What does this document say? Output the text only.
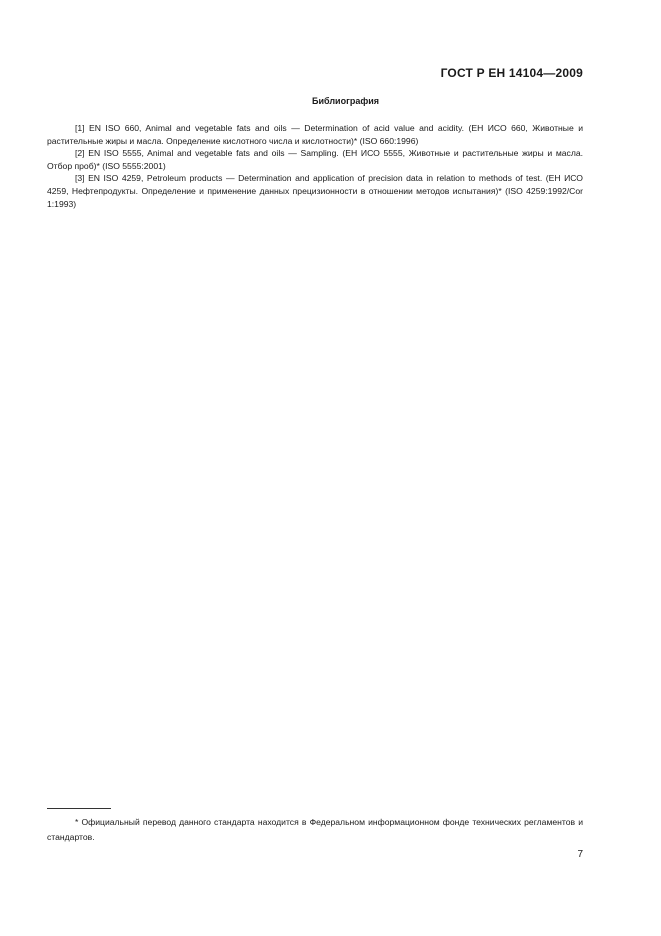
ГОСТ Р ЕН 14104—2009
Библиография

[1] EN ISO 660, Animal and vegetable fats and oils — Determination of acid value and acidity. (ЕН ИСО 660, Животные и растительные жиры и масла. Определение кислотного числа и кислотности)* (ISO 660:1996)

[2] EN ISO 5555, Animal and vegetable fats and oils — Sampling. (ЕН ИСО 5555, Животные и растительные жиры и масла. Отбор проб)* (ISO 5555:2001)

[3] EN ISO 4259, Petroleum products — Determination and application of precision data in relation to methods of test. (ЕН ИСО 4259, Нефтепродукты. Определение и применение данных прецизионности в отношении методов испытания)* (ISO 4259:1992/Cor 1:1993)

* Официальный перевод данного стандарта находится в Федеральном информационном фонде технических регламентов и стандартов.
7
